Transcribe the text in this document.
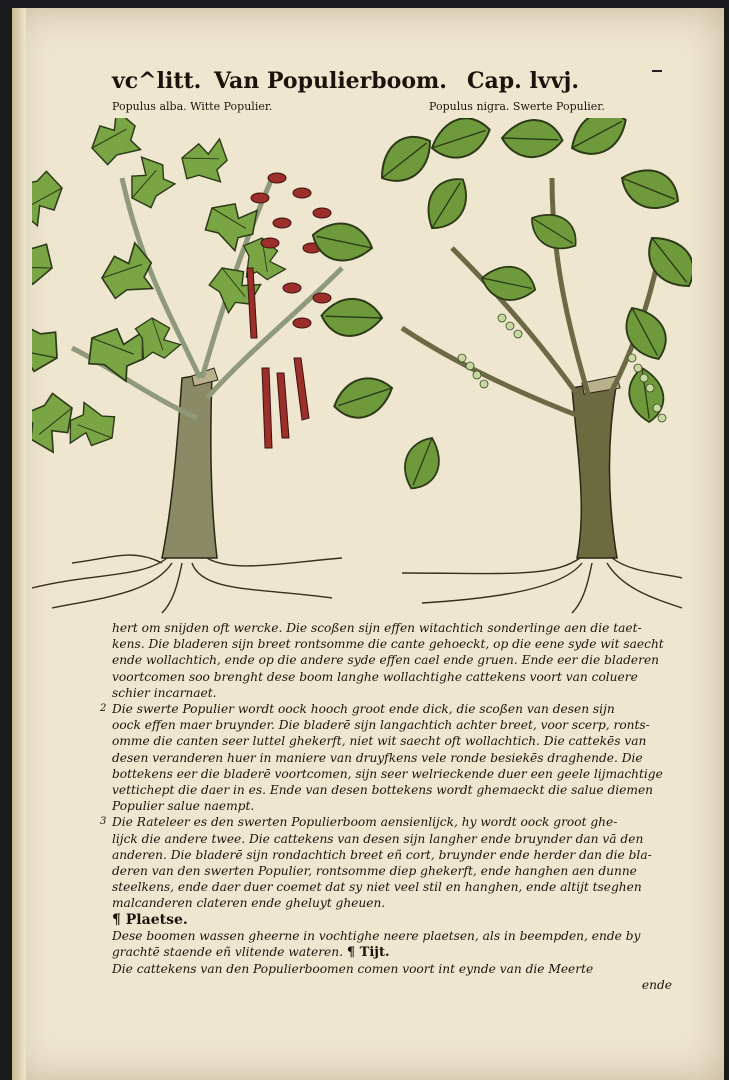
vc^litt. Van Populierboom. Cap. lvvj.
Populus alba. Witte Populier.	Populus nigra. Swerte Populier.

hert om snijden oft wercke. Die scoßen sijn effen witachtich sonderlinge aen die taet-

kens. Die bladeren sijn breet rontsomme die cante gehoeckt, op die eene syde wit saecht

ende wollachtich, ende op die andere syde effen cael ende gruen. Ende eer die bladeren

voortcomen soo brenght dese boom langhe wollachtighe cattekens voort van coluere

schier incarnaet.

2 Die swerte Populier wordt oock hooch groot ende dick, die scoßen van desen sijn

oock effen maer bruynder. Die bladerē sijn langachtich achter breet, voor scerp, ronts-

omme die canten seer luttel ghekerft, niet wit saecht oft wollachtich. Die cattekēs van

desen veranderen huer in maniere van druyfkens vele ronde besiekēs draghende. Die

bottekens eer die bladerē voortcomen, sijn seer welrieckende duer een geele lijmachtige

vettichept die daer in es. Ende van desen bottekens wordt ghemaeckt die salue diemen

Populier salue naempt.

3 Die Rateleer es den swerten Populierboom aensienlijck, hy wordt oock groot ghe-

lijck die andere twee. Die cattekens van desen sijn langher ende bruynder dan vā den

anderen. Die bladerē sijn rondachtich breet eñ cort, bruynder ende herder dan die bla-

deren van den swerten Populier, rontsomme diep ghekerft, ende hanghen aen dunne

steelkens, ende daer duer coemet dat sy niet veel stil en hanghen, ende altijt tseghen

malcanderen clateren ende gheluyt gheuen.

¶ Plaetse.

Dese boomen wassen gheerne in vochtighe neere plaetsen, als in beempden, ende by

grachtē staende eñ vlitende wateren. ¶ Tijt.

Die cattekens van den Populierboomen comen voort int eynde van die Meerte

ende
